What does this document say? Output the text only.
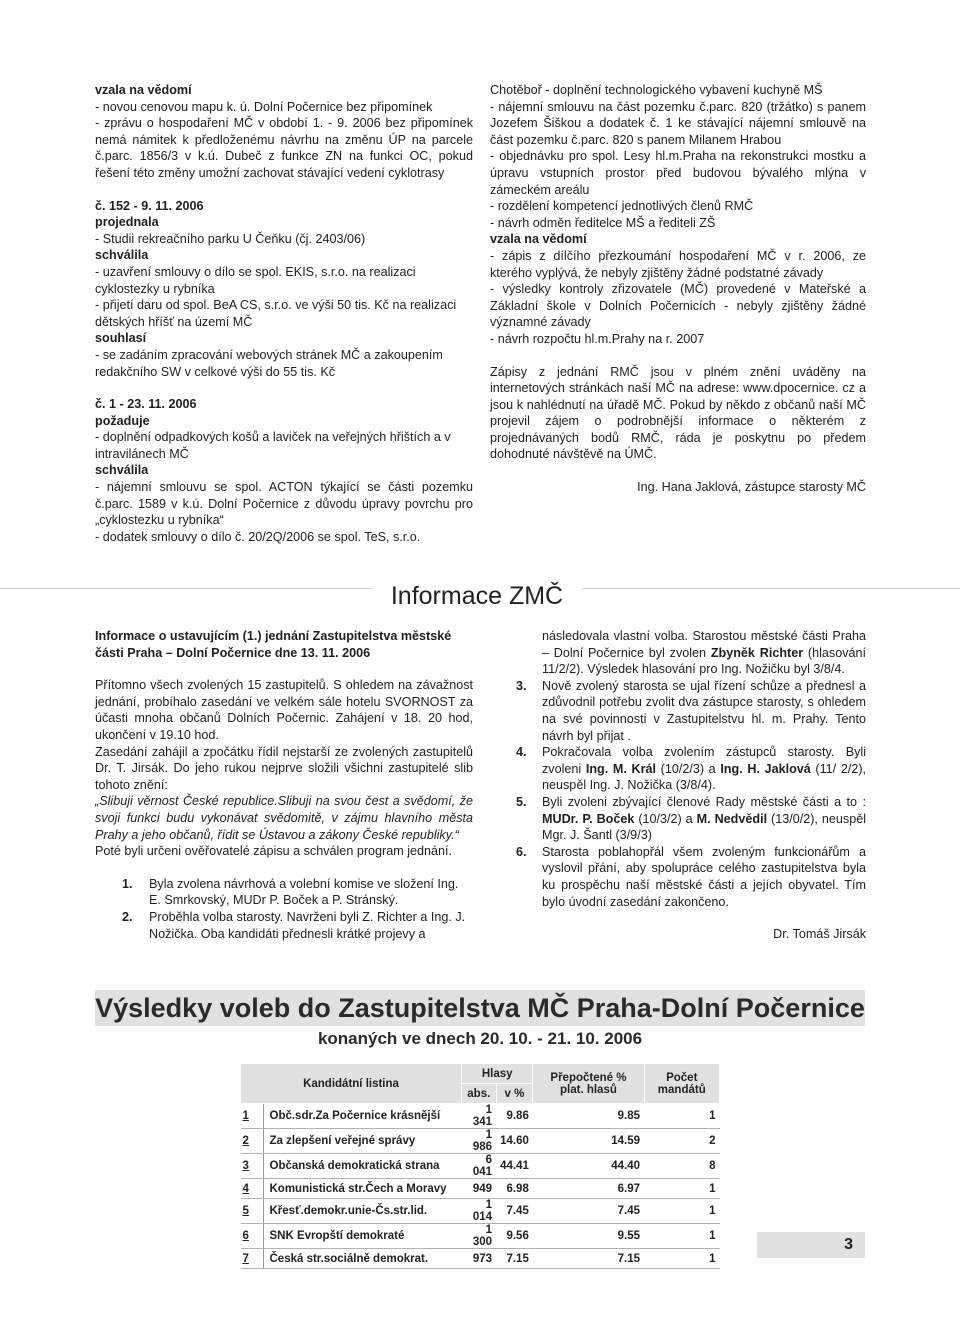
vzala na vědomí

- novou cenovou mapu k. ú. Dolní Počernice bez připomínek

- zprávu o hospodaření MČ v období 1. - 9. 2006 bez připomínek nemá námitek k předloženému návrhu na změnu ÚP na parcele č.parc. 1856/3 v k.ú. Dubeč z funkce ZN na funkci OC, pokud řešení této změny umožní zachovat stávající vedení cyklotrasy

č. 152 - 9. 11. 2006

projednala

- Studii rekreačního parku U Čeňku (čj. 2403/06)

schválila

- uzavření smlouvy o dílo se spol. EKIS, s.r.o. na realizaci cyklostezky u rybníka

- přijetí daru od spol. BeA CS, s.r.o. ve výši 50 tis. Kč na realizaci dětských hříšť na území MČ

souhlasí

- se zadáním zpracování webových stránek MČ a zakoupením redakčního SW v celkové výši do 55 tis. Kč

č. 1 - 23. 11. 2006

požaduje

- doplnění odpadkových košů a laviček na veřejných hřištích a v intravilánech MČ

schválila

- nájemní smlouvu se spol. ACTON týkající se části pozemku č.parc. 1589 v k.ú. Dolní Počernice z důvodu úpravy povrchu pro „cyklostezku u rybníka“

- dodatek smlouvy o dílo č. 20/2Q/2006 se spol. TeS, s.r.o.

Chotěboř - doplnění technologického vybavení kuchyně MŠ

- nájemní smlouvu na část pozemku č.parc. 820 (tržátko) s panem Jozefem Šiškou a dodatek č. 1 ke stávající nájemní smlouvě na část pozemku č.parc. 820 s panem Milanem Hrabou

- objednávku pro spol. Lesy hl.m.Praha na rekonstrukci mostku a úpravu vstupních prostor před budovou bývalého mlýna v zámeckém areálu

- rozdělení kompetencí jednotlivých členů RMČ

- návrh odměn ředitelce MŠ a řediteli ZŠ

vzala na vědomí

- zápis z dílčího přezkoumání hospodaření MČ v r. 2006, ze kterého vyplývá, že nebyly zjištěny žádné podstatné závady

- výsledky kontroly zřizovatele (MČ) provedené v Mateřské a Základní škole v Dolních Počernicích - nebyly zjištěny žádné významné závady

- návrh rozpočtu hl.m.Prahy na r. 2007

Zápisy z jednání RMČ jsou v plném znění uváděny na internetových stránkách naší MČ na adrese: www.dpocernice. cz a jsou k nahlédnutí na úřadě MČ. Pokud by někdo z občanů naší MČ projevil zájem o podrobnější informace o některém z projednávaných bodů RMČ, ráda je poskytnu po předem dohodnuté návštěvě na ÚMČ.

Ing. Hana Jaklová, zástupce starosty MČ

Informace ZMČ

Informace o ustavujícím (1.) jednání Zastupitelstva městské části Praha – Dolní Počernice dne 13. 11. 2006

Přítomno všech zvolených 15 zastupitelů. S ohledem na závažnost jednání, probíhalo zasedání ve velkém sále hotelu SVORNOST za účasti mnoha občanů Dolních Počernic. Zahájení v 18. 20 hod, ukončení v 19.10 hod.

Zasedání zahájil a zpočátku řídil nejstarší ze zvolených zastupitelů Dr. T. Jirsák. Do jeho rukou nejprve složili všichni zastupitelé slib tohoto znění:

„Slibuji věrnost České republice.Slibuji na svou čest a svědomí, že svoji funkci budu vykonávat svědomitě, v zájmu hlavního města Prahy a jeho občanů, řídit se Ústavou a zákony České republiky.“

Poté byli určeni ověřovatelé zápisu a schválen program jednání.

1. Byla zvolena návrhová a volební komise ve složení Ing. E. Smrkovský, MUDr P. Boček a P. Stránský.
2. Proběhla volba starosty. Navrženi byli Z. Richter a Ing. J. Nožička. Oba kandidáti přednesli krátké projevy a

následovala vlastní volba. Starostou městské části Praha – Dolní Počernice byl zvolen Zbyněk Richter (hlasování 11/2/2). Výsledek hlasování pro Ing. Nožičku byl 3/8/4.

3. Nově zvolený starosta se ujal řízení schůze a přednesl a zdůvodnil potřebu zvolit dva zástupce starosty, s ohledem na své povinnosti v Zastupitelstvu hl. m. Prahy. Tento návrh byl přijat .
4. Pokračovala volba zvolením zástupců starosty. Byli zvoleni Ing. M. Král (10/2/3) a Ing. H. Jaklová (11/ 2/2), neuspěl Ing. J. Nožička (3/8/4).
5. Byli zvoleni zbývající členové Rady městské části a to : MUDr. P. Boček (10/3/2) a M. Nedvědil (13/0/2), neuspěl Mgr. J. Šantl (3/9/3)
6. Starosta poblahopřál všem zvoleným funkcionářům a vyslovil přání, aby spolupráce celého zastupitelstva byla ku prospěchu naší městské části a jejích obyvatel. Tím bylo úvodní zasedání zakončeno.

Dr. Tomáš Jirsák

Výsledky voleb do Zastupitelstva MČ Praha-Dolní Počernice
konaných ve dnech 20. 10. - 21. 10. 2006
Kandidátní listina		Hlasy		Přepočtené % plat. hlasů	Počet mandátů
		abs.	v %		
1	Obč.sdr.Za Počernice krásnější	1 341	9.86	9.85	1
2	Za zlepšení veřejné správy	1 986	14.60	14.59	2
3	Občanská demokratická strana	6 041	44.41	44.40	8
4	Komunistická str.Čech a Moravy	949	6.98	6.97	1
5	Křesť.demokr.unie-Čs.str.lid.	1 014	7.45	7.45	1
6	SNK Evropští demokraté	1 300	9.56	9.55	1
7	Česká str.sociálně demokrat.	973	7.15	7.15	1
3
